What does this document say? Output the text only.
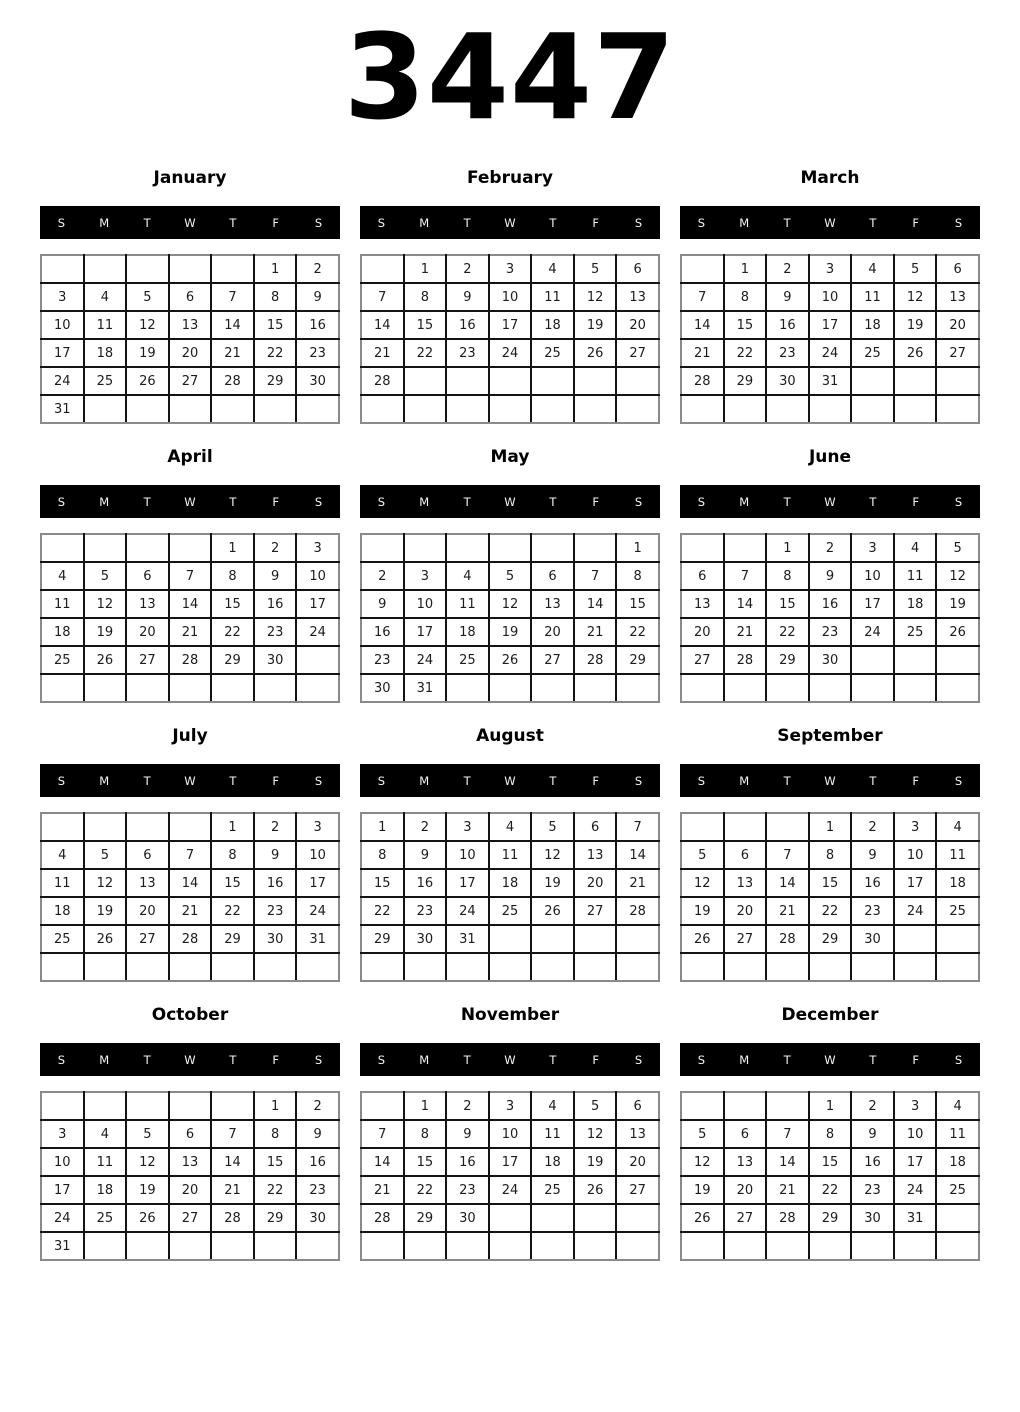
3447
January
S	M	T	W	T	F	S
					1	2
3	4	5	6	7	8	9
10	11	12	13	14	15	16
17	18	19	20	21	22	23
24	25	26	27	28	29	30
31						
February
S	M	T	W	T	F	S
	1	2	3	4	5	6
7	8	9	10	11	12	13
14	15	16	17	18	19	20
21	22	23	24	25	26	27
28						

March
S	M	T	W	T	F	S
	1	2	3	4	5	6
7	8	9	10	11	12	13
14	15	16	17	18	19	20
21	22	23	24	25	26	27
28	29	30	31			

April
S	M	T	W	T	F	S
				1	2	3
4	5	6	7	8	9	10
11	12	13	14	15	16	17
18	19	20	21	22	23	24
25	26	27	28	29	30	

May
S	M	T	W	T	F	S
						1
2	3	4	5	6	7	8
9	10	11	12	13	14	15
16	17	18	19	20	21	22
23	24	25	26	27	28	29
30	31					
June
S	M	T	W	T	F	S
		1	2	3	4	5
6	7	8	9	10	11	12
13	14	15	16	17	18	19
20	21	22	23	24	25	26
27	28	29	30			

July
S	M	T	W	T	F	S
				1	2	3
4	5	6	7	8	9	10
11	12	13	14	15	16	17
18	19	20	21	22	23	24
25	26	27	28	29	30	31

August
S	M	T	W	T	F	S
1	2	3	4	5	6	7
8	9	10	11	12	13	14
15	16	17	18	19	20	21
22	23	24	25	26	27	28
29	30	31				

September
S	M	T	W	T	F	S
			1	2	3	4
5	6	7	8	9	10	11
12	13	14	15	16	17	18
19	20	21	22	23	24	25
26	27	28	29	30		

October
S	M	T	W	T	F	S
					1	2
3	4	5	6	7	8	9
10	11	12	13	14	15	16
17	18	19	20	21	22	23
24	25	26	27	28	29	30
31						
November
S	M	T	W	T	F	S
	1	2	3	4	5	6
7	8	9	10	11	12	13
14	15	16	17	18	19	20
21	22	23	24	25	26	27
28	29	30				

December
S	M	T	W	T	F	S
			1	2	3	4
5	6	7	8	9	10	11
12	13	14	15	16	17	18
19	20	21	22	23	24	25
26	27	28	29	30	31	
